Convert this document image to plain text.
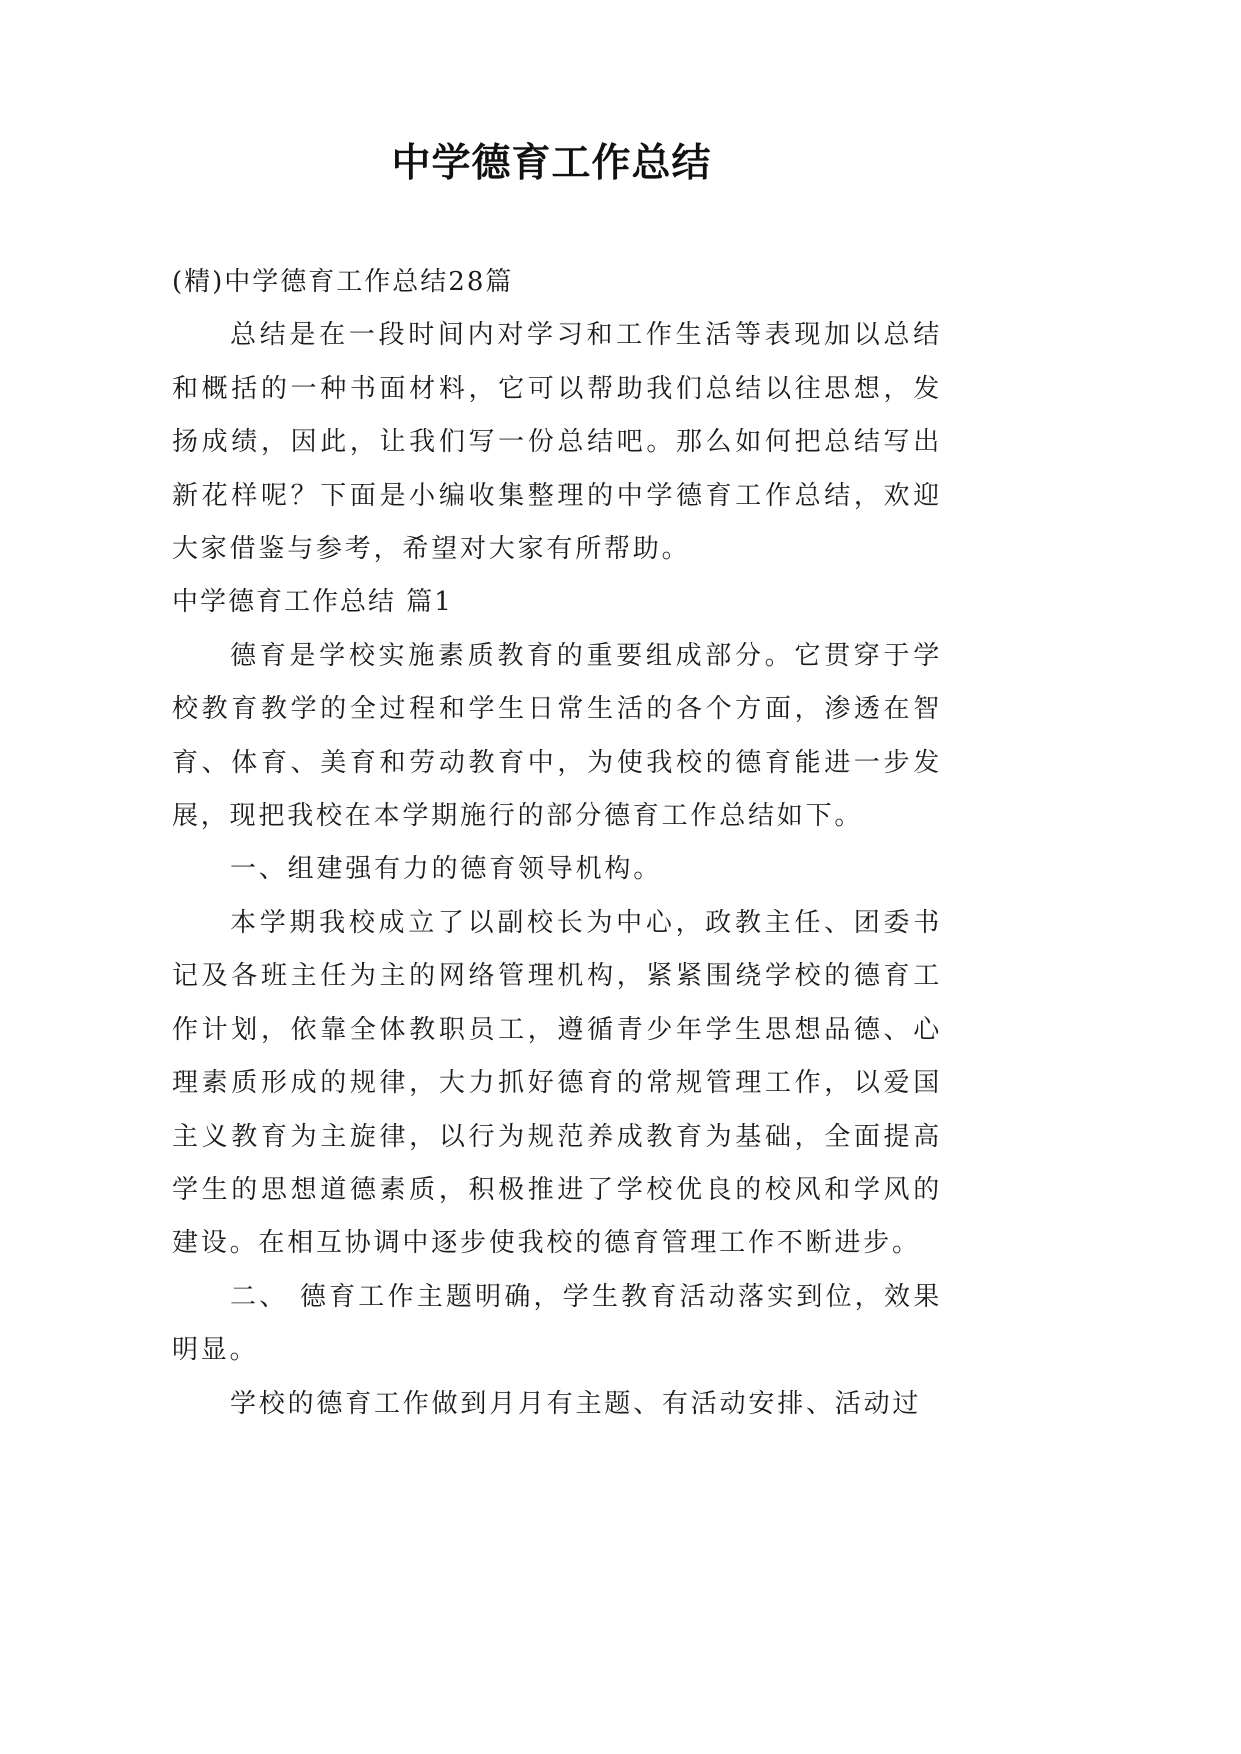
中学德育工作总结

(精)中学德育工作总结28篇

总结是在一段时间内对学习和工作生活等表现加以总结和概括的一种书面材料，它可以帮助我们总结以往思想，发扬成绩，因此，让我们写一份总结吧。那么如何把总结写出新花样呢？下面是小编收集整理的中学德育工作总结，欢迎大家借鉴与参考，希望对大家有所帮助。

中学德育工作总结 篇1

德育是学校实施素质教育的重要组成部分。它贯穿于学校教育教学的全过程和学生日常生活的各个方面，渗透在智育、体育、美育和劳动教育中，为使我校的德育能进一步发展，现把我校在本学期施行的部分德育工作总结如下。

一、组建强有力的德育领导机构。

本学期我校成立了以副校长为中心，政教主任、团委书记及各班主任为主的网络管理机构，紧紧围绕学校的德育工作计划，依靠全体教职员工，遵循青少年学生思想品德、心理素质形成的规律，大力抓好德育的常规管理工作，以爱国主义教育为主旋律，以行为规范养成教育为基础，全面提高学生的思想道德素质，积极推进了学校优良的校风和学风的建设。在相互协调中逐步使我校的德育管理工作不断进步。

二、 德育工作主题明确，学生教育活动落实到位，效果明显。

学校的德育工作做到月月有主题、有活动安排、活动过
